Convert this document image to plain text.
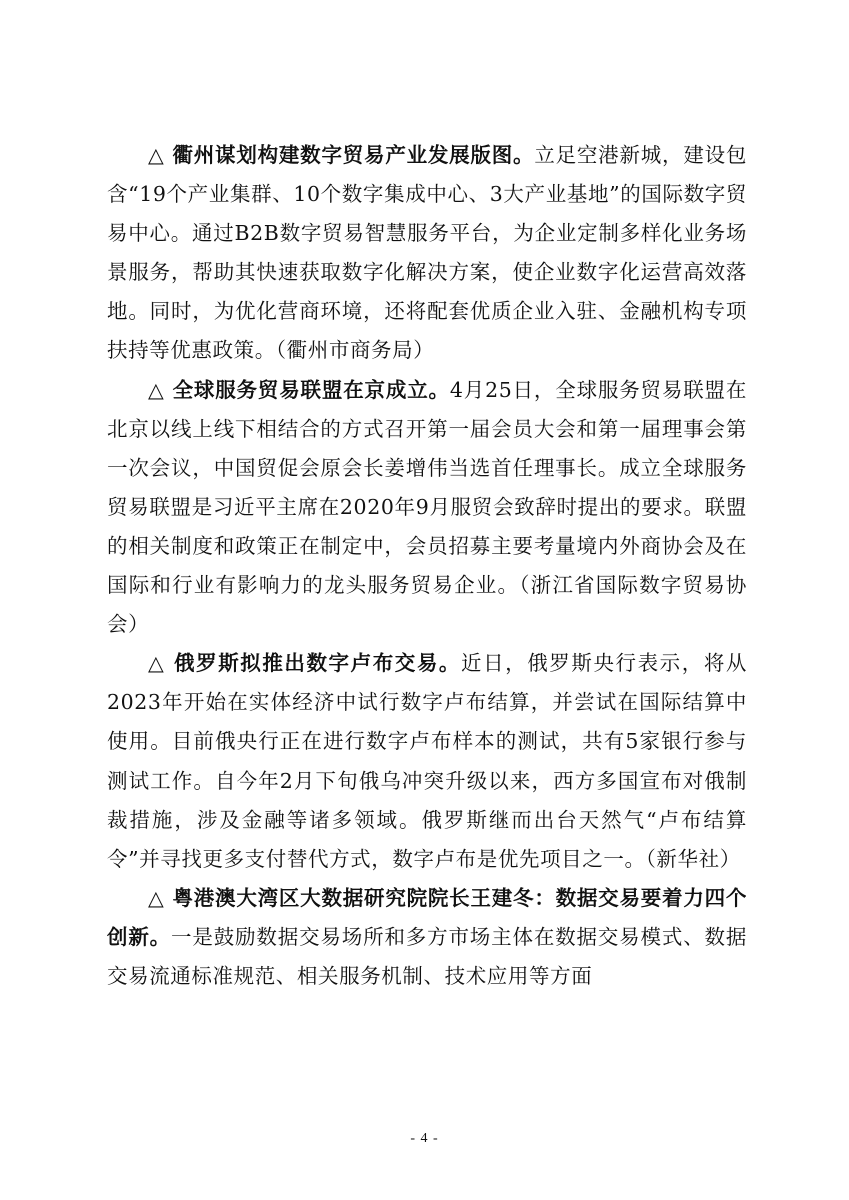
△ 衢州谋划构建数字贸易产业发展版图。立足空港新城，建设包含“19个产业集群、10个数字集成中心、3大产业基地”的国际数字贸易中心。通过B2B数字贸易智慧服务平台，为企业定制多样化业务场景服务，帮助其快速获取数字化解决方案，使企业数字化运营高效落地。同时，为优化营商环境，还将配套优质企业入驻、金融机构专项扶持等优惠政策。（衢州市商务局）

△ 全球服务贸易联盟在京成立。4月25日，全球服务贸易联盟在北京以线上线下相结合的方式召开第一届会员大会和第一届理事会第一次会议，中国贸促会原会长姜增伟当选首任理事长。成立全球服务贸易联盟是习近平主席在2020年9月服贸会致辞时提出的要求。联盟的相关制度和政策正在制定中，会员招募主要考量境内外商协会及在国际和行业有影响力的龙头服务贸易企业。（浙江省国际数字贸易协会）

△ 俄罗斯拟推出数字卢布交易。近日，俄罗斯央行表示，将从2023年开始在实体经济中试行数字卢布结算，并尝试在国际结算中使用。目前俄央行正在进行数字卢布样本的测试，共有5家银行参与测试工作。自今年2月下旬俄乌冲突升级以来，西方多国宣布对俄制裁措施，涉及金融等诸多领域。俄罗斯继而出台天然气“卢布结算令”并寻找更多支付替代方式，数字卢布是优先项目之一。（新华社）

△ 粤港澳大湾区大数据研究院院长王建冬：数据交易要着力四个创新。一是鼓励数据交易场所和多方市场主体在数据交易模式、数据交易流通标准规范、相关服务机制、技术应用等方面

- 4 -
